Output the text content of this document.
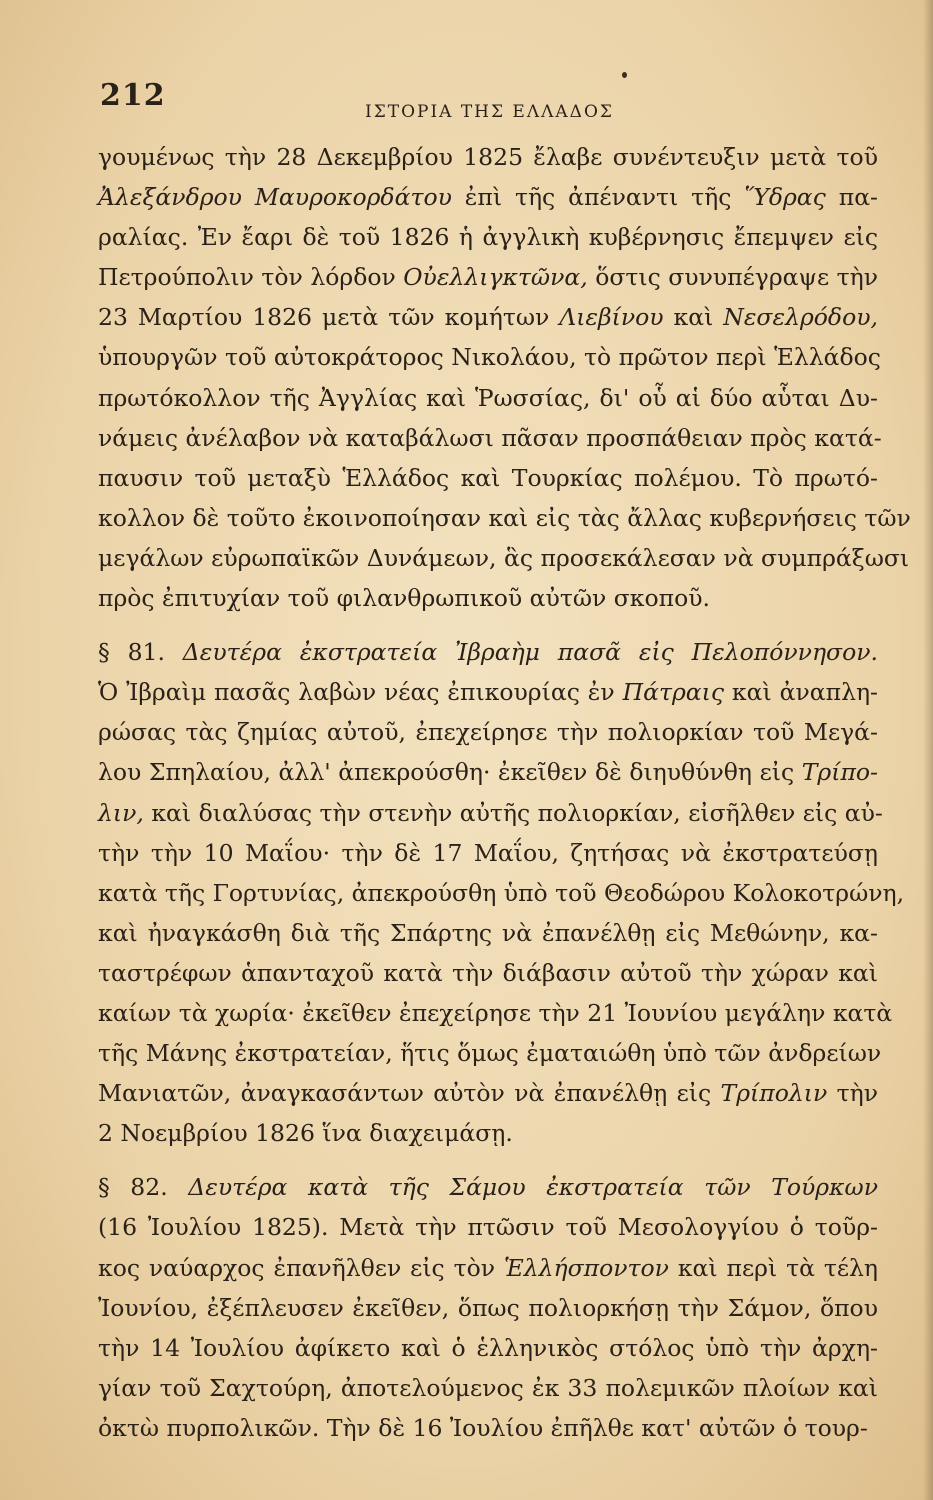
212	ΙΣΤΟΡΙΑ ΤΗΣ ΕΛΛΑΔΟΣ
γουμένως τὴν 28 Δεκεμβρίου 1825 ἔλαβε συνέντευξιν μετὰ τοῦ
Ἀλεξάνδρου Μαυροκορδάτου ἐπὶ τῆς ἀπέναντι τῆς Ὕδρας πα-
ραλίας. Ἐν ἔαρι δὲ τοῦ 1826 ἡ ἀγγλικὴ κυβέρνησις ἔπεμψεν εἰς
Πετρούπολιν τὸν λόρδον Οὐελλιγκτῶνα, ὅστις συνυπέγραψε τὴν
23 Μαρτίου 1826 μετὰ τῶν κομήτων Λιεβίνου καὶ Νεσελρόδου,
ὑπουργῶν τοῦ αὐτοκράτορος Νικολάου, τὸ πρῶτον περὶ Ἑλλάδος
πρωτόκολλον τῆς Ἀγγλίας καὶ Ῥωσσίας, δι' οὗ αἱ δύο αὗται Δυ-
νάμεις ἀνέλαβον νὰ καταβάλωσι πᾶσαν προσπάθειαν πρὸς κατά-
παυσιν τοῦ μεταξὺ Ἑλλάδος καὶ Τουρκίας πολέμου. Τὸ πρωτό-
κολλον δὲ τοῦτο ἐκοινοποίησαν καὶ εἰς τὰς ἄλλας κυβερνήσεις τῶν
μεγάλων εὐρωπαϊκῶν Δυνάμεων, ἃς προσεκάλεσαν νὰ συμπράξωσι
πρὸς ἐπιτυχίαν τοῦ φιλανθρωπικοῦ αὐτῶν σκοποῦ.
§ 81. Δευτέρα ἐκστρατεία Ἰβραὴμ πασᾶ εἰς Πελοπόννησον.
Ὁ Ἰβραὶμ πασᾶς λαβὼν νέας ἐπικουρίας ἐν Πάτραις καὶ ἀναπλη-
ρώσας τὰς ζημίας αὐτοῦ, ἐπεχείρησε τὴν πολιορκίαν τοῦ Μεγά-
λου Σπηλαίου, ἀλλ' ἀπεκρούσθη· ἐκεῖθεν δὲ διηυθύνθη εἰς Τρίπο-
λιν, καὶ διαλύσας τὴν στενὴν αὐτῆς πολιορκίαν, εἰσῆλθεν εἰς αὐ-
τὴν τὴν 10 Μαΐου· τὴν δὲ 17 Μαΐου, ζητήσας νὰ ἐκστρατεύσῃ
κατὰ τῆς Γορτυνίας, ἀπεκρούσθη ὑπὸ τοῦ Θεοδώρου Κολοκοτρώνη,
καὶ ἠναγκάσθη διὰ τῆς Σπάρτης νὰ ἐπανέλθῃ εἰς Μεθώνην, κα-
ταστρέφων ἁπανταχοῦ κατὰ τὴν διάβασιν αὐτοῦ τὴν χώραν καὶ
καίων τὰ χωρία· ἐκεῖθεν ἐπεχείρησε τὴν 21 Ἰουνίου μεγάλην κατὰ
τῆς Μάνης ἐκστρατείαν, ἥτις ὅμως ἐματαιώθη ὑπὸ τῶν ἀνδρείων
Μανιατῶν, ἀναγκασάντων αὐτὸν νὰ ἐπανέλθῃ εἰς Τρίπολιν τὴν
2 Νοεμβρίου 1826 ἵνα διαχειμάσῃ.
§ 82. Δευτέρα κατὰ τῆς Σάμου ἐκστρατεία τῶν Τούρκων
(16 Ἰουλίου 1825). Μετὰ τὴν πτῶσιν τοῦ Μεσολογγίου ὁ τοῦρ-
κος ναύαρχος ἐπανῆλθεν εἰς τὸν Ἑλλήσποντον καὶ περὶ τὰ τέλη
Ἰουνίου, ἐξέπλευσεν ἐκεῖθεν, ὅπως πολιορκήσῃ τὴν Σάμον, ὅπου
τὴν 14 Ἰουλίου ἀφίκετο καὶ ὁ ἑλληνικὸς στόλος ὑπὸ τὴν ἀρχη-
γίαν τοῦ Σαχτούρη, ἀποτελούμενος ἐκ 33 πολεμικῶν πλοίων καὶ
ὀκτὼ πυρπολικῶν. Τὴν δὲ 16 Ἰουλίου ἐπῆλθε κατ' αὐτῶν ὁ τουρ-
